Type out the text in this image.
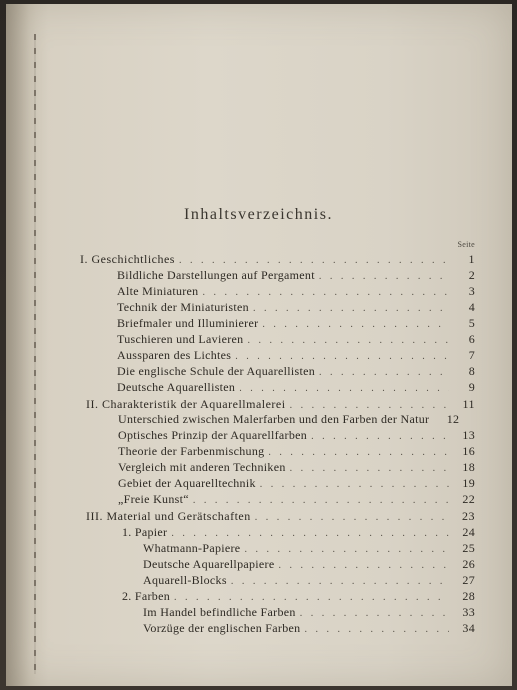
Inhaltsverzeichnis.
Seite
I. Geschichtliches . . .	1
Bildliche Darstellungen auf Pergament . . .	2
Alte Miniaturen . . .	3
Technik der Miniaturisten . . .	4
Briefmaler und Illuminierer . . .	5
Tuschieren und Lavieren . . .	6
Aussparen des Lichtes . . .	7
Die englische Schule der Aquarellisten . . .	8
Deutsche Aquarellisten . . .	9
II. Charakteristik der Aquarellmalerei . . .	11
Unterschied zwischen Malerfarben und den Farben der Natur	12
Optisches Prinzip der Aquarellfarben . . .	13
Theorie der Farbenmischung . . .	16
Vergleich mit anderen Techniken . . .	18
Gebiet der Aquarelltechnik . . .	19
„Freie Kunst“ . . .	22
III. Material und Gerätschaften . . .	23
1. Papier . . .	24
Whatmann-Papiere . . .	25
Deutsche Aquarellpapiere . . .	26
Aquarell-Blocks . . .	27
2. Farben . . .	28
Im Handel befindliche Farben . . .	33
Vorzüge der englischen Farben . . .	34
